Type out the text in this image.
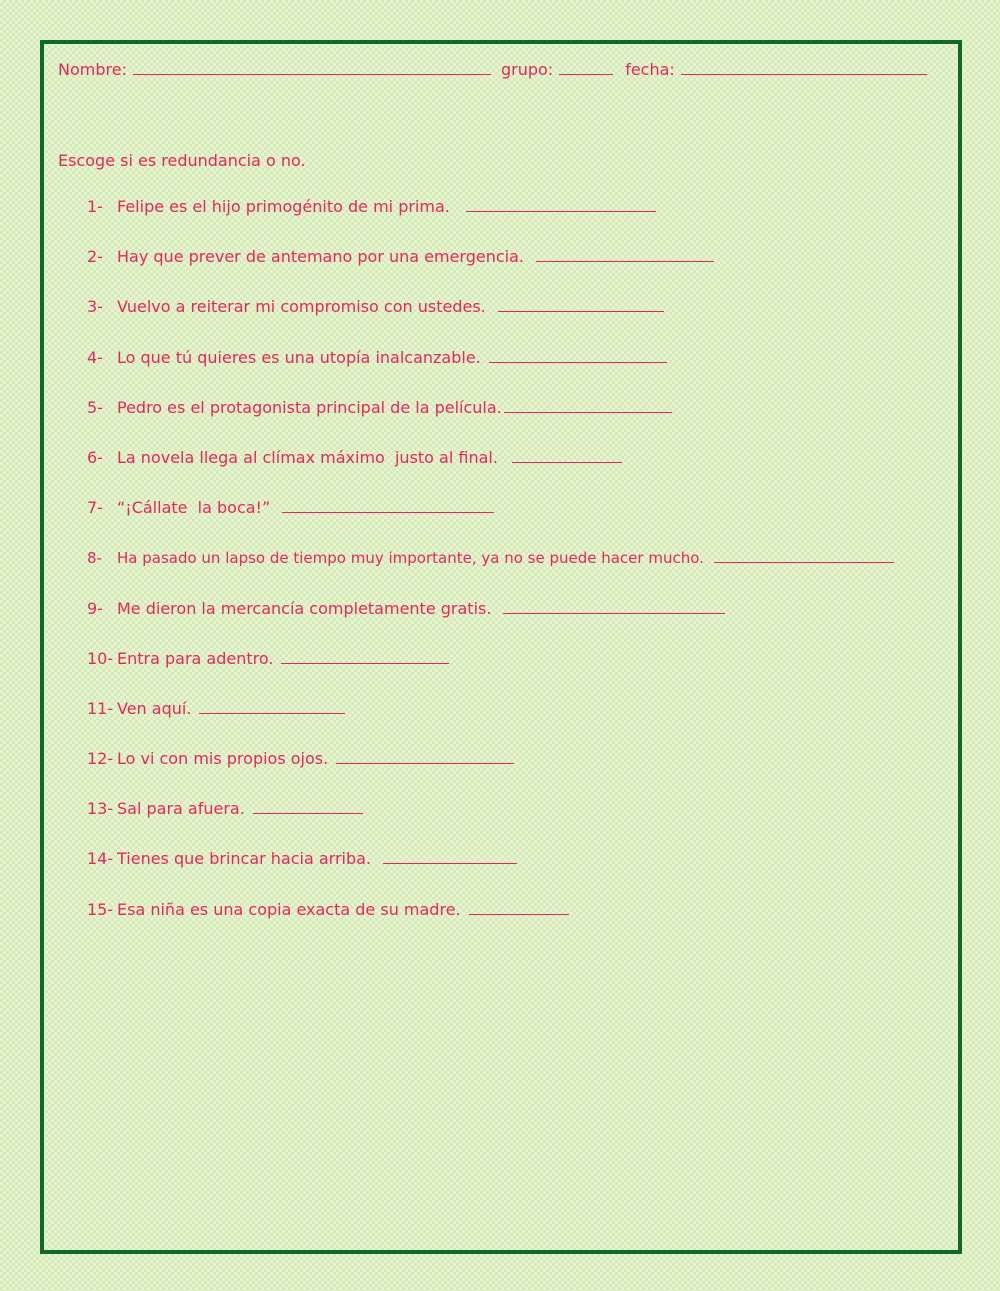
Nombre:	grupo:	fecha:
Escoge si es redundancia o no.
1- Felipe es el hijo primogénito de mi prima.
2- Hay que prever de antemano por una emergencia.
3- Vuelvo a reiterar mi compromiso con ustedes.
4- Lo que tú quieres es una utopía inalcanzable.
5- Pedro es el protagonista principal de la película.
6- La novela llega al clímax máximo  justo al final.
7- “¡Cállate  la boca!”
8-	Ha pasado un lapso de tiempo muy importante, ya no se puede hacer mucho.
9- Me dieron la mercancía completamente gratis.
10- Entra para adentro.
11- Ven aquí.
12- Lo vi con mis propios ojos.
13- Sal para afuera.
14- Tienes que brincar hacia arriba.
15- Esa niña es una copia exacta de su madre.
